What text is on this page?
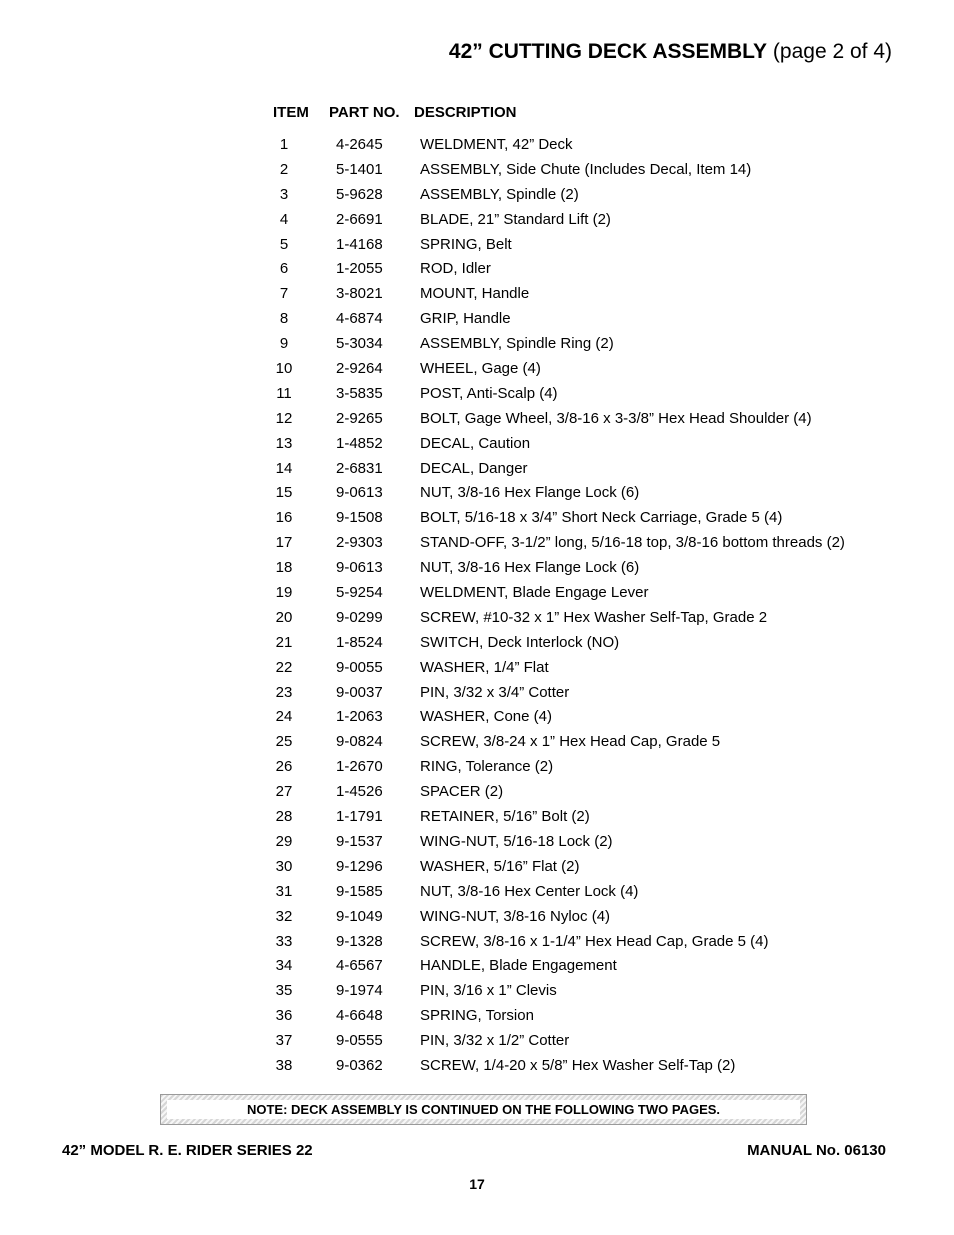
42” CUTTING DECK ASSEMBLY (page 2 of 4)
ITEM PART NO. DESCRIPTION
1	4-2645 WELDMENT, 42” Deck
2	5-1401 ASSEMBLY, Side Chute (Includes Decal, Item 14)
3	5-9628 ASSEMBLY, Spindle (2)
4	2-6691 BLADE, 21” Standard Lift (2)
5	1-4168 SPRING, Belt
6	1-2055 ROD, Idler
7	3-8021 MOUNT, Handle
8	4-6874 GRIP, Handle
9	5-3034 ASSEMBLY, Spindle Ring (2)
10	2-9264 WHEEL, Gage (4)
11	3-5835 POST, Anti-Scalp (4)
12	2-9265 BOLT, Gage Wheel, 3/8-16 x 3-3/8” Hex Head Shoulder (4)
13	1-4852 DECAL, Caution
14	2-6831 DECAL, Danger
15	9-0613 NUT, 3/8-16 Hex Flange Lock (6)
16	9-1508 BOLT, 5/16-18 x 3/4” Short Neck Carriage, Grade 5 (4)
17	2-9303 STAND-OFF, 3-1/2” long, 5/16-18 top, 3/8-16 bottom threads (2)
18	9-0613 NUT, 3/8-16 Hex Flange Lock (6)
19	5-9254 WELDMENT, Blade Engage Lever
20	9-0299 SCREW, #10-32 x 1” Hex Washer Self-Tap, Grade 2
21	1-8524 SWITCH, Deck Interlock (NO)
22	9-0055 WASHER, 1/4” Flat
23	9-0037 PIN, 3/32 x 3/4” Cotter
24	1-2063 WASHER, Cone (4)
25	9-0824 SCREW, 3/8-24 x 1” Hex Head Cap, Grade 5
26	1-2670 RING, Tolerance (2)
27	1-4526 SPACER (2)
28	1-1791 RETAINER, 5/16” Bolt (2)
29	9-1537 WING-NUT, 5/16-18 Lock (2)
30	9-1296 WASHER, 5/16” Flat (2)
31	9-1585 NUT, 3/8-16 Hex Center Lock (4)
32	9-1049 WING-NUT, 3/8-16 Nyloc (4)
33	9-1328 SCREW, 3/8-16 x 1-1/4” Hex Head Cap, Grade 5 (4)
34	4-6567 HANDLE, Blade Engagement
35	9-1974 PIN, 3/16 x 1” Clevis
36	4-6648 SPRING, Torsion
37	9-0555 PIN, 3/32 x 1/2” Cotter
38	9-0362 SCREW, 1/4-20 x 5/8” Hex Washer Self-Tap (2)
NOTE: DECK ASSEMBLY IS CONTINUED ON THE FOLLOWING TWO PAGES.
42” MODEL R. E. RIDER SERIES 22	MANUAL No. 06130
17
